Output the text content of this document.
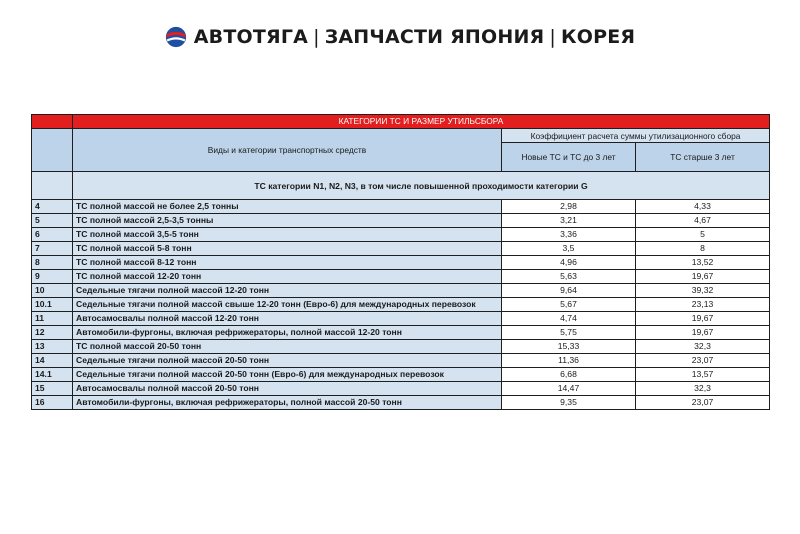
АВТОТЯГА | ЗАПЧАСТИ ЯПОНИЯ | КОРЕЯ
	КАТЕГОРИИ ТС И РАЗМЕР УТИЛЬСБОРА		
	Виды и категории транспортных средств	Коэффициент расчета суммы утилизационного сбора	
		Новые ТС и ТС до 3 лет	ТС старше 3 лет
	ТС категории N1, N2, N3, в том числе повышенной проходимости категории G		
4	ТС полной массой не более 2,5 тонны	2,98	4,33
5	ТС полной массой 2,5-3,5 тонны	3,21	4,67
6	ТС полной массой 3,5-5 тонн	3,36	5
7	ТС полной массой 5-8 тонн	3,5	8
8	ТС полной массой 8-12 тонн	4,96	13,52
9	ТС полной массой 12-20 тонн	5,63	19,67
10	Седельные тягачи полной массой 12-20 тонн	9,64	39,32
10.1	Седельные тягачи полной массой свыше 12-20 тонн (Евро-6) для международных перевозок	5,67	23,13
11	Автосамосвалы полной массой 12-20 тонн	4,74	19,67
12	Автомобили-фургоны, включая рефрижераторы, полной массой 12-20 тонн	5,75	19,67
13	ТС полной массой 20-50 тонн	15,33	32,3
14	Седельные тягачи полной массой 20-50 тонн	11,36	23,07
14.1	Седельные тягачи полной массой 20-50 тонн (Евро-6) для международных перевозок	6,68	13,57
15	Автосамосвалы полной массой 20-50 тонн	14,47	32,3
16	Автомобили-фургоны, включая рефрижераторы, полной массой 20-50 тонн	9,35	23,07
